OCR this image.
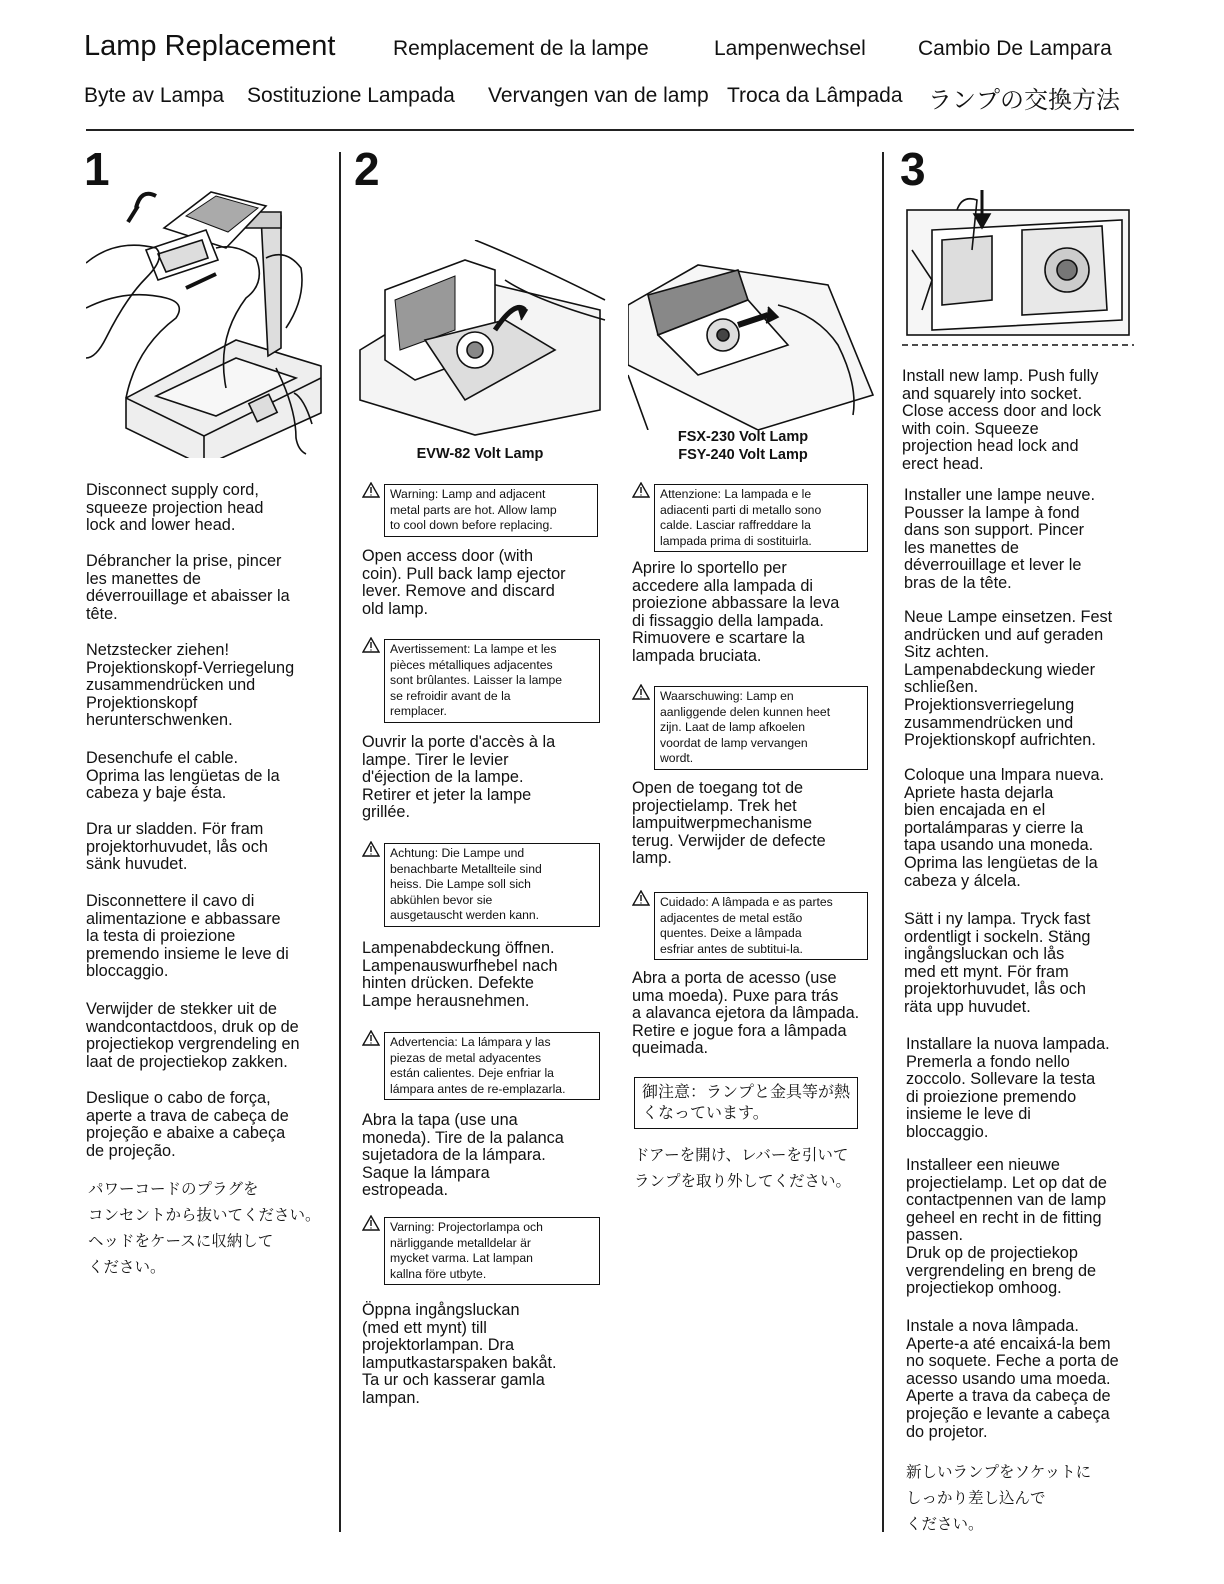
Lamp Replacement	Remplacement de la lampe	Lampenwechsel Cambio De Lampara
Byte av Lampa Sostituzione Lampada Vervangen van de lamp Troca da Lâmpada ランプの交換方法
1	2	3
EVW-82 Volt Lamp
FSX-230 Volt Lamp
FSY-240 Volt Lamp

Disconnect supply cord,
squeeze projection head
lock and lower head.

Débrancher la prise, pincer
les manettes de
déverrouillage et abaisser la
tête.

Netzstecker ziehen!
Projektionskopf-Verriegelung
zusammendrücken und
Projektionskopf
herunterschwenken.

Desenchufe el cable.
Oprima las lengüetas de la
cabeza y baje ésta.

Dra ur sladden. För fram
projektorhuvudet, lås och
sänk huvudet.

Disconnettere il cavo di
alimentazione e abbassare
la testa di proiezione
premendo insieme le leve di
bloccaggio.

Verwijder de stekker uit de
wandcontactdoos, druk op de
projectiekop vergrendeling en
laat de projectiekop zakken.

Deslique o cabo de força,
aperte a trava de cabeça de
projeção e abaixe a cabeça
de projeção.

パワーコードのプラグを
コンセントから抜いてください。
ヘッドをケースに収納して
ください。

Warning: Lamp and adjacent
metal parts are hot. Allow lamp
to cool down before replacing.

Open access door (with
coin). Pull back lamp ejector
lever. Remove and discard
old lamp.

Avertissement: La lampe et les
pièces métalliques adjacentes
sont brûlantes. Laisser la lampe
se refroidir avant de la
remplacer.

Ouvrir la porte d'accès à la
lampe. Tirer le levier
d'éjection de la lampe.
Retirer et jeter la lampe
grillée.

Achtung: Die Lampe und
benachbarte Metallteile sind
heiss. Die Lampe soll sich
abkühlen bevor sie
ausgetauscht werden kann.

Lampenabdeckung öffnen.
Lampenauswurfhebel nach
hinten drücken. Defekte
Lampe herausnehmen.

Advertencia: La lámpara y las
piezas de metal adyacentes
están calientes. Deje enfriar la
lámpara antes de re-emplazarla.

Abra la tapa (use una
moneda). Tire de la palanca
sujetadora de la lámpara.
Saque la lámpara
estropeada.

Varning: Projectorlampa och
närliggande metalldelar är
mycket varma. Lat lampan
kallna före utbyte.

Öppna ingångsluckan
(med ett mynt) till
projektorlampan. Dra
lamputkastarspaken bakåt.
Ta ur och kasserar gamla
lampan.

Attenzione: La lampada e le
adiacenti parti di metallo sono
calde. Lasciar raffreddare la
lampada prima di sostituirla.

Aprire lo sportello per
accedere alla lampada di
proiezione abbassare la leva
di fissaggio della lampada.
Rimuovere e scartare la
lampada bruciata.

Waarschuwing: Lamp en
aanliggende delen kunnen heet
zijn. Laat de lamp afkoelen
voordat de lamp vervangen
wordt.

Open de toegang tot de
projectielamp. Trek het
lampuitwerpmechanisme
terug. Verwijder de defecte
lamp.

Cuidado: A lâmpada e as partes
adjacentes de metal estão
quentes. Deixe a lâmpada
esfriar antes de subtitui-la.

Abra a porta de acesso (use
uma moeda). Puxe para trás
a alavanca ejetora da lâmpada.
Retire e jogue fora a lâmpada
queimada.

御注意：ランプと金具等が熱
くなっています。

ドアーを開け、レバーを引いて
ランプを取り外してください。

Install new lamp. Push fully
and squarely into socket.
Close access door and lock
with coin. Squeeze
projection head lock and
erect head.

Installer une lampe neuve.
Pousser la lampe à fond
dans son support. Pincer
les manettes de
déverrouillage et lever le
bras de la tête.

Neue Lampe einsetzen. Fest
andrücken und auf geraden
Sitz achten.
Lampenabdeckung wieder
schließen.
Projektionsverriegelung
zusammendrücken und
Projektionskopf aufrichten.

Coloque una lmpara nueva.
Apriete hasta dejarla
bien encajada en el
portalámparas y cierre la
tapa usando una moneda.
Oprima las lengüetas de la
cabeza y álcela.

Sätt i ny lampa. Tryck fast
ordentligt i sockeln. Stäng
ingångsluckan och lås
med ett mynt. För fram
projektorhuvudet, lås och
räta upp huvudet.

Installare la nuova lampada.
Premerla a fondo nello
zoccolo. Sollevare la testa
di proiezione premendo
insieme le leve di
bloccaggio.

Installeer een nieuwe
projectielamp. Let op dat de
contactpennen van de lamp
geheel en recht in de fitting
passen.
Druk op de projectiekop
vergrendeling en breng de
projectiekop omhoog.

Instale a nova lâmpada.
Aperte-a até encaixá-la bem
no soquete. Feche a porta de
acesso usando uma moeda.
Aperte a trava da cabeça de
projeção e levante a cabeça
do projetor.

新しいランプをソケットに
しっかり差し込んで
ください。
